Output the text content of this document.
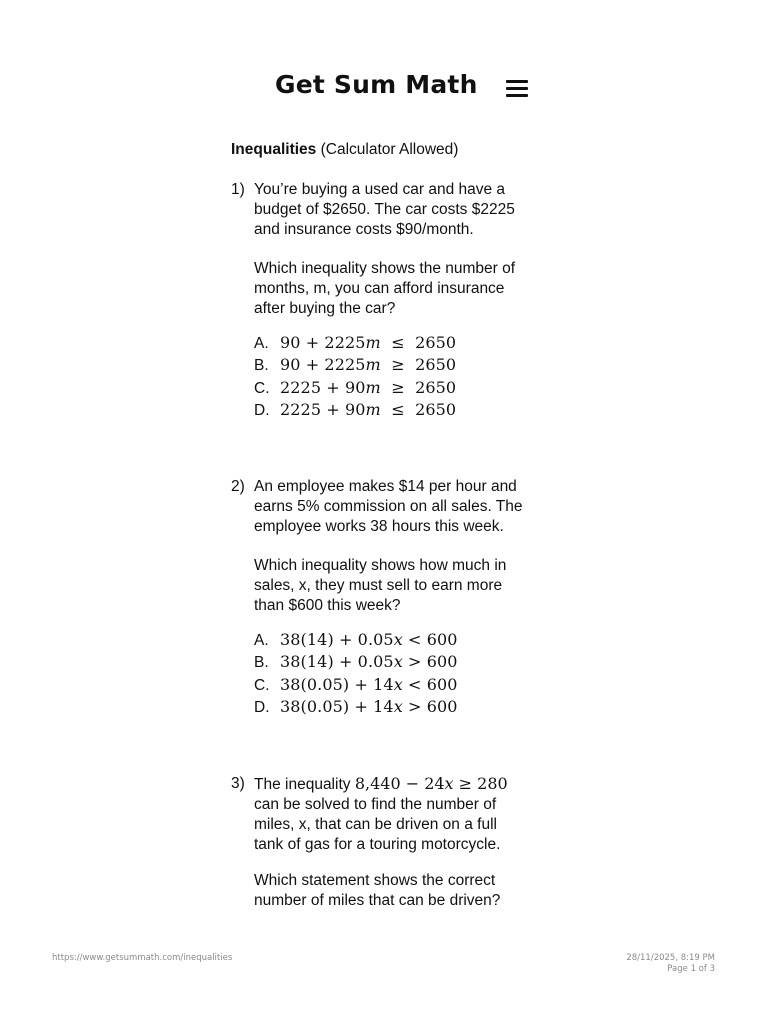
Get Sum Math
Inequalities (Calculator Allowed)
1) You’re buying a used car and have a
budget of $2650. The car costs $2225
and insurance costs $90/month.

Which inequality shows the number of
months, m, you can afford insurance
after buying the car?

A. 90 + 2225𝑚  ≤  2650
B. 90 + 2225𝑚  ≥  2650
C. 2225 + 90𝑚  ≥  2650
D. 2225 + 90𝑚  ≤  2650
2) An employee makes $14 per hour and
earns 5% commission on all sales. The
employee works 38 hours this week.

Which inequality shows how much in
sales, x, they must sell to earn more
than $600 this week?

A. 38(14) + 0.05𝑥 < 600
B. 38(14) + 0.05𝑥 > 600
C. 38(0.05) + 14𝑥 < 600
D. 38(0.05) + 14𝑥 > 600
3) The inequality 8,440 − 24𝑥 ≥ 280
can be solved to find the number of
miles, x, that can be driven on a full
tank of gas for a touring motorcycle.

Which statement shows the correct
number of miles that can be driven?

https://www.getsummath.com/inequalities	28/11/2025, 8:19 PM
Page 1 of 3
